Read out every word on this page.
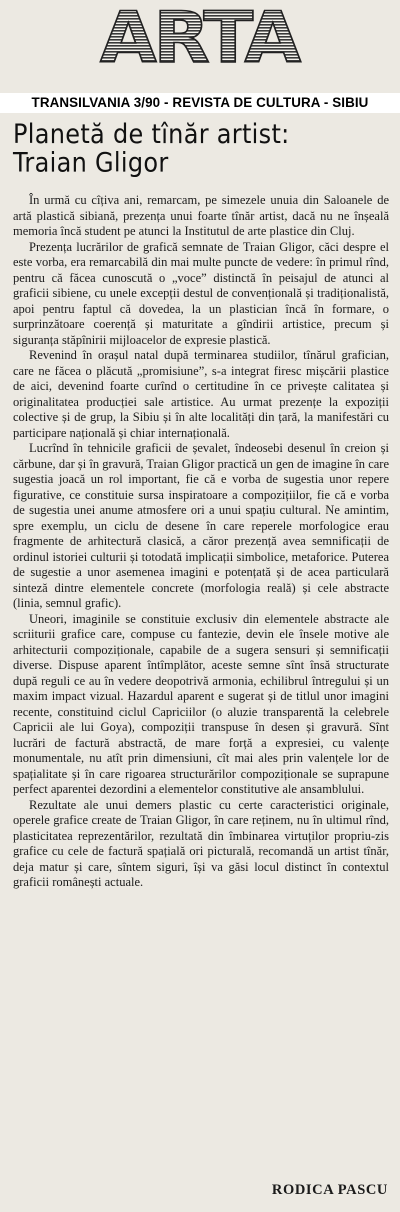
ARTA
TRANSILVANIA 3/90 - REVISTA DE CULTURA - SIBIU
Planetă de tînăr artist:
Traian Gligor

În urmă cu cîțiva ani, remarcam, pe simezele unuia din Saloanele de artă plastică sibiană, prezența unui foarte tînăr artist, dacă nu ne înșeală memoria încă student pe atunci la Institutul de arte plastice din Cluj.

Prezența lucrărilor de grafică semnate de Traian Gligor, căci despre el este vorba, era remarcabilă din mai multe puncte de vedere: în primul rînd, pentru că făcea cunoscută o „voce” distinctă în peisajul de atunci al graficii sibiene, cu unele excepții destul de convențională și tradiționalistă, apoi pentru faptul că dovedea, la un plastician încă în formare, o surprinzătoare coerență și maturitate a gîndirii artistice, precum și siguranța stăpînirii mijloacelor de expresie plastică.

Revenind în orașul natal după terminarea studiilor, tînărul grafician, care ne făcea o plăcută „promisiune”, s-a integrat firesc mișcării plastice de aici, devenind foarte curînd o certitudine în ce privește calitatea și originalitatea producției sale artistice. Au urmat prezențe la expoziții colective și de grup, la Sibiu și în alte localități din țară, la manifestări cu participare națională și chiar internațională.

Lucrînd în tehnicile graficii de șevalet, îndeosebi desenul în creion și cărbune, dar și în gravură, Traian Gligor practică un gen de imagine în care sugestia joacă un rol important, fie că e vorba de sugestia unor repere figurative, ce constituie sursa inspiratoare a compozițiilor, fie că e vorba de sugestia unei anume atmosfere ori a unui spațiu cultural. Ne amintim, spre exemplu, un ciclu de desene în care reperele morfologice erau fragmente de arhitectură clasică, a căror prezență avea semnificații de ordinul istoriei culturii și totodată implicații simbolice, metaforice. Puterea de sugestie a unor asemenea imagini e potențată și de acea particulară sinteză dintre elementele concrete (morfologia reală) și cele abstracte (linia, semnul grafic).

Uneori, imaginile se constituie exclusiv din elementele abstracte ale scriiturii grafice care, compuse cu fantezie, devin ele însele motive ale arhitecturii compoziționale, capabile de a sugera sensuri și semnificații diverse. Dispuse aparent întîmplător, aceste semne sînt însă structurate după reguli ce au în vedere deopotrivă armonia, echilibrul întregului și un maxim impact vizual. Hazardul aparent e sugerat și de titlul unor imagini recente, constituind ciclul Capriciilor (o aluzie transparentă la celebrele Capricii ale lui Goya), compoziții transpuse în desen și gravură. Sînt lucrări de factură abstractă, de mare forță a expresiei, cu valențe monumentale, nu atît prin dimensiuni, cît mai ales prin valențele lor de spațialitate și în care rigoarea structurărilor compoziționale se suprapune perfect aparentei dezordini a elementelor constitutive ale ansamblului.

Rezultate ale unui demers plastic cu certe caracteristici originale, operele grafice create de Traian Gligor, în care reținem, nu în ultimul rînd, plasticitatea reprezentărilor, rezultată din îmbinarea virtuților propriu-zis grafice cu cele de factură spațială ori picturală, recomandă un artist tînăr, deja matur și care, sîntem siguri, își va găsi locul distinct în contextul graficii românești actuale.

RODICA PASCU
